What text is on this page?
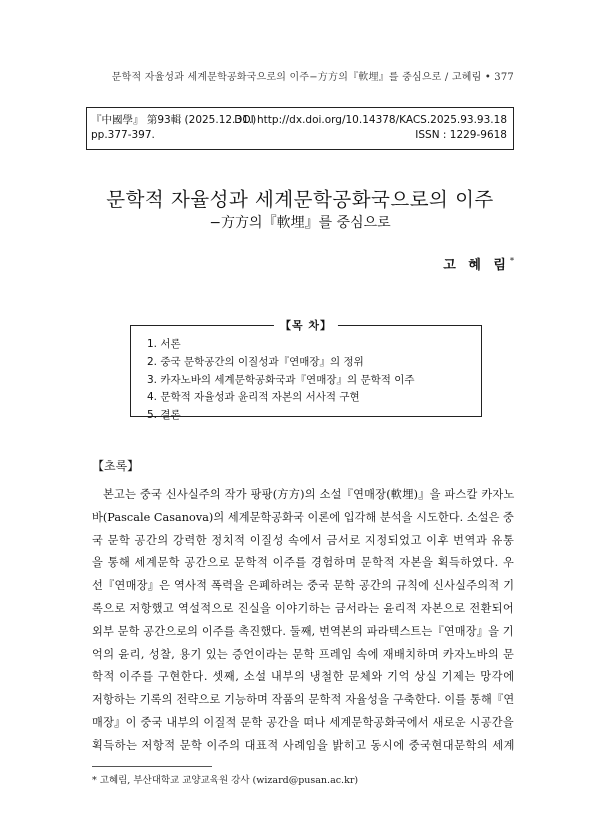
문학적 자율성과 세계문학공화국으로의 이주−方方의『軟埋』를 중심으로 / 고혜림 • 377
『中國學』 第93輯 (2025.12.31.)
DOI http://dx.doi.org/10.14378/KACS.2025.93.93.18
pp.377-397.	ISSN : 1229-9618
문학적 자율성과 세계문학공화국으로의 이주
−方方의『軟埋』를 중심으로
고 혜 림*
【목 차】
1. 서론
2. 중국 문학공간의 이질성과『연매장』의 정위
3. 카자노바의 세계문학공화국과『연매장』의 문학적 이주
4. 문학적 자율성과 윤리적 자본의 서사적 구현
5. 결론
【초록】

본고는 중국 신사실주의 작가 팡팡(方方)의 소설『연매장(軟埋)』을 파스칼 카자노
바(Pascale Casanova)의 세계문학공화국 이론에 입각해 분석을 시도한다. 소설은 중
국 문학 공간의 강력한 정치적 이질성 속에서 금서로 지정되었고 이후 번역과 유통
을 통해 세계문학 공간으로 문학적 이주를 경험하며 문학적 자본을 획득하였다. 우
선『연매장』은 역사적 폭력을 은폐하려는 중국 문학 공간의 규칙에 신사실주의적 기
록으로 저항했고 역설적으로 진실을 이야기하는 금서라는 윤리적 자본으로 전환되어
외부 문학 공간으로의 이주를 촉진했다. 둘째, 번역본의 파라텍스트는『연매장』을 기
억의 윤리, 성찰, 용기 있는 증언이라는 문학 프레임 속에 재배치하며 카자노바의 문
학적 이주를 구현한다. 셋째, 소설 내부의 냉철한 문체와 기억 상실 기제는 망각에
저항하는 기록의 전략으로 기능하며 작품의 문학적 자율성을 구축한다. 이를 통해『연
매장』이 중국 내부의 이질적 문학 공간을 떠나 세계문학공화국에서 새로운 시공간을
획득하는 저항적 문학 이주의 대표적 사례임을 밝히고 동시에 중국현대문학의 세계

* 고혜림, 부산대학교 교양교육원 강사 (wizard@pusan.ac.kr)
